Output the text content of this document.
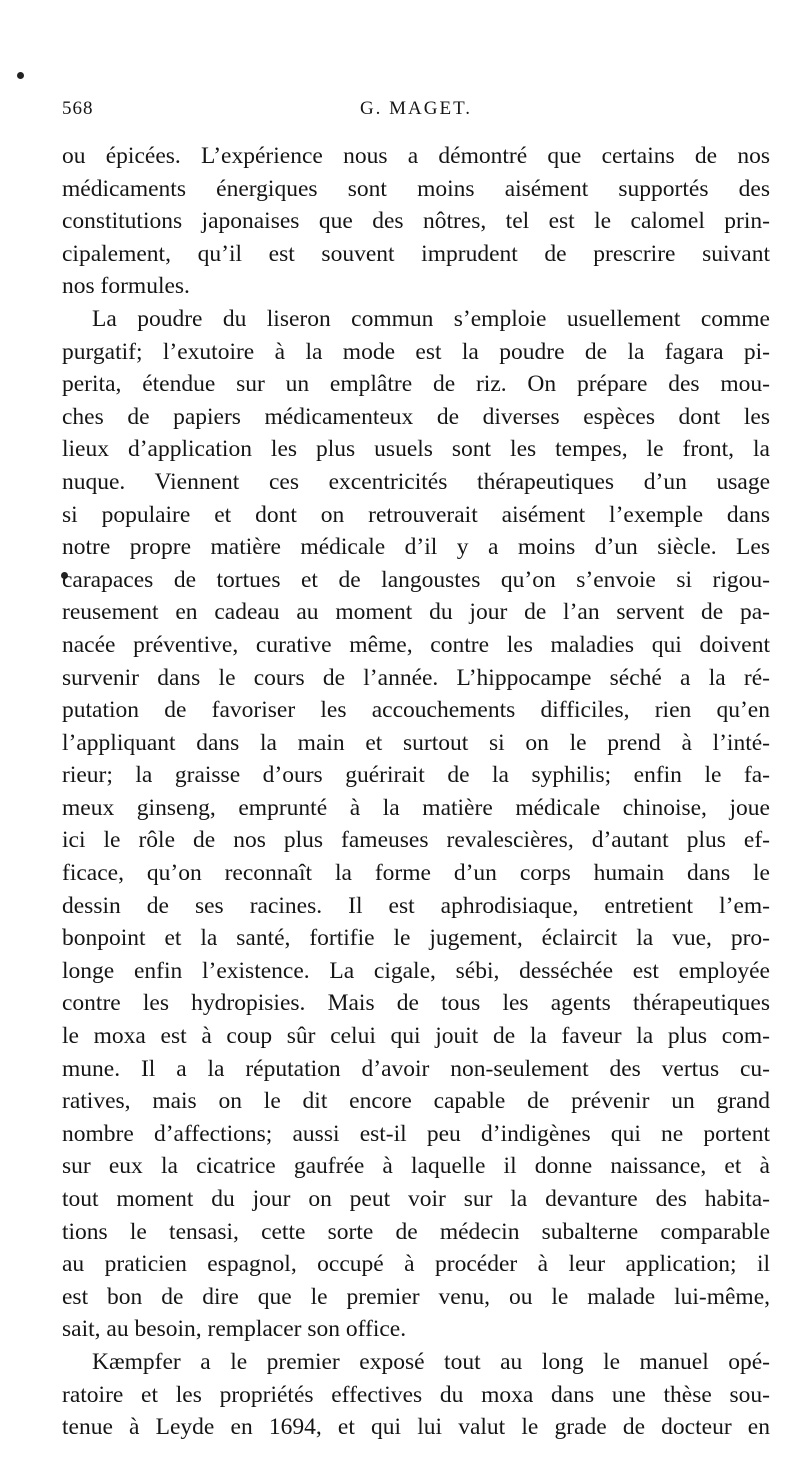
568	G. MAGET.
ou épicées. L’expérience nous a démontré que certains de nos
médicaments énergiques sont moins aisément supportés des
constitutions japonaises que des nôtres, tel est le calomel prin-
cipalement, qu’il est souvent imprudent de prescrire suivant
nos formules.
La poudre du liseron commun s’emploie usuellement comme
purgatif; l’exutoire à la mode est la poudre de la fagara pi-
perita, étendue sur un emplâtre de riz. On prépare des mou-
ches de papiers médicamenteux de diverses espèces dont les
lieux d’application les plus usuels sont les tempes, le front, la
nuque. Viennent ces excentricités thérapeutiques d’un usage
si populaire et dont on retrouverait aisément l’exemple dans
notre propre matière médicale d’il y a moins d’un siècle. Les
carapaces de tortues et de langoustes qu’on s’envoie si rigou-
reusement en cadeau au moment du jour de l’an servent de pa-
nacée préventive, curative même, contre les maladies qui doivent
survenir dans le cours de l’année. L’hippocampe séché a la ré-
putation de favoriser les accouchements difficiles, rien qu’en
l’appliquant dans la main et surtout si on le prend à l’inté-
rieur; la graisse d’ours guérirait de la syphilis; enfin le fa-
meux ginseng, emprunté à la matière médicale chinoise, joue
ici le rôle de nos plus fameuses revalescières, d’autant plus ef-
ficace, qu’on reconnaît la forme d’un corps humain dans le
dessin de ses racines. Il est aphrodisiaque, entretient l’em-
bonpoint et la santé, fortifie le jugement, éclaircit la vue, pro-
longe enfin l’existence. La cigale, sébi, desséchée est employée
contre les hydropisies. Mais de tous les agents thérapeutiques
le moxa est à coup sûr celui qui jouit de la faveur la plus com-
mune. Il a la réputation d’avoir non-seulement des vertus cu-
ratives, mais on le dit encore capable de prévenir un grand
nombre d’affections; aussi est-il peu d’indigènes qui ne portent
sur eux la cicatrice gaufrée à laquelle il donne naissance, et à
tout moment du jour on peut voir sur la devanture des habita-
tions le tensasi, cette sorte de médecin subalterne comparable
au praticien espagnol, occupé à procéder à leur application; il
est bon de dire que le premier venu, ou le malade lui-même,
sait, au besoin, remplacer son office.
Kæmpfer a le premier exposé tout au long le manuel opé-
ratoire et les propriétés effectives du moxa dans une thèse sou-
tenue à Leyde en 1694, et qui lui valut le grade de docteur en
